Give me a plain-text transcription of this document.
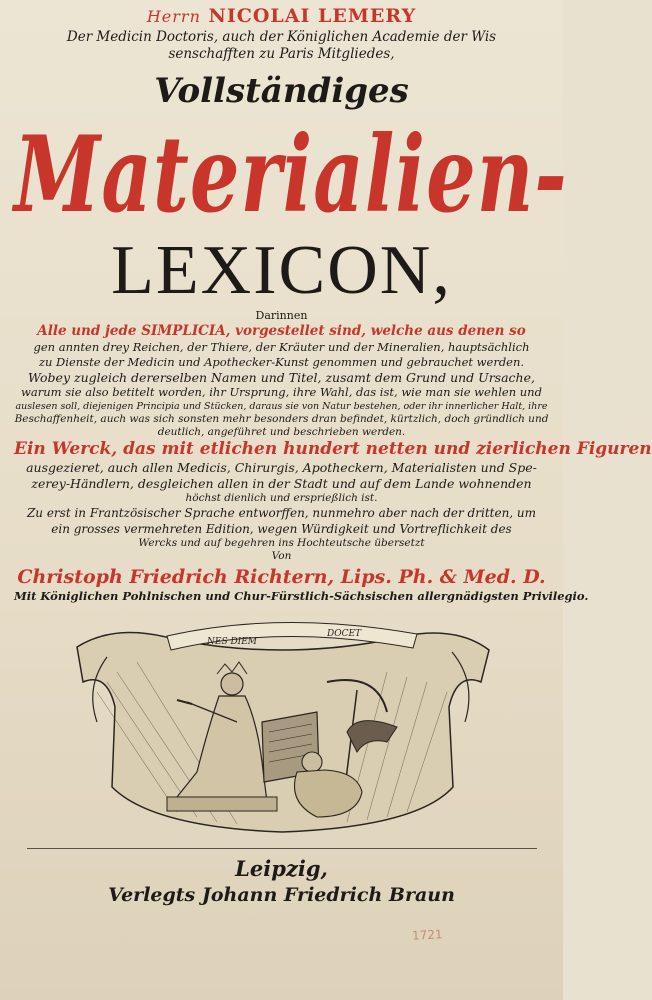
Herrn NICOLAI LEMERY
Der Medicin Doctoris, auch der Königlichen Academie der Wis
senschafften zu Paris Mitgliedes,
Vollständiges
Materialien-
LEXICON,
Darinnen
Alle und jede SIMPLICIA, vorgestellet sind, welche aus denen so
gen annten drey Reichen, der Thiere, der Kräuter und der Mineralien, hauptsächlich
zu Dienste der Medicin und Apothecker-Kunst genommen und gebrauchet werden.
Wobey zugleich dererselben Namen und Titel, zusamt dem Grund und Ursache,
warum sie also betitelt worden, ihr Ursprung, ihre Wahl, das ist, wie man sie wehlen und
auslesen soll, diejenigen Principia und Stücken, daraus sie von Natur bestehen, oder ihr innerlicher Halt, ihre
Beschaffenheit, auch was sich sonsten mehr besonders dran befindet, kürtzlich, doch gründlich und
deutlich, angeführet und beschrieben werden.
Ein Werck, das mit etlichen hundert netten und zierlichen Figuren
ausgezieret, auch allen Medicis, Chirurgis, Apotheckern, Materialisten und Spe-
zerey-Händlern, desgleichen allen in der Stadt und auf dem Lande wohnenden
höchst dienlich und ersprießlich ist.
Zu erst in Frantzösischer Sprache entworffen, nunmehro aber nach der dritten, um
ein grosses vermehreten Edition, wegen Würdigkeit und Vortreflichkeit des
Wercks und auf begehren ins Hochteutsche übersetzt
Von
Christoph Friedrich Richtern, Lips. Ph. & Med. D.
Mit Königlichen Pohlnischen und Chur-Fürstlich-Sächsischen allergnädigsten Privilegio.
NES DIEM
DOCET
Leipzig,
Verlegts Johann Friedrich Braun
1721
